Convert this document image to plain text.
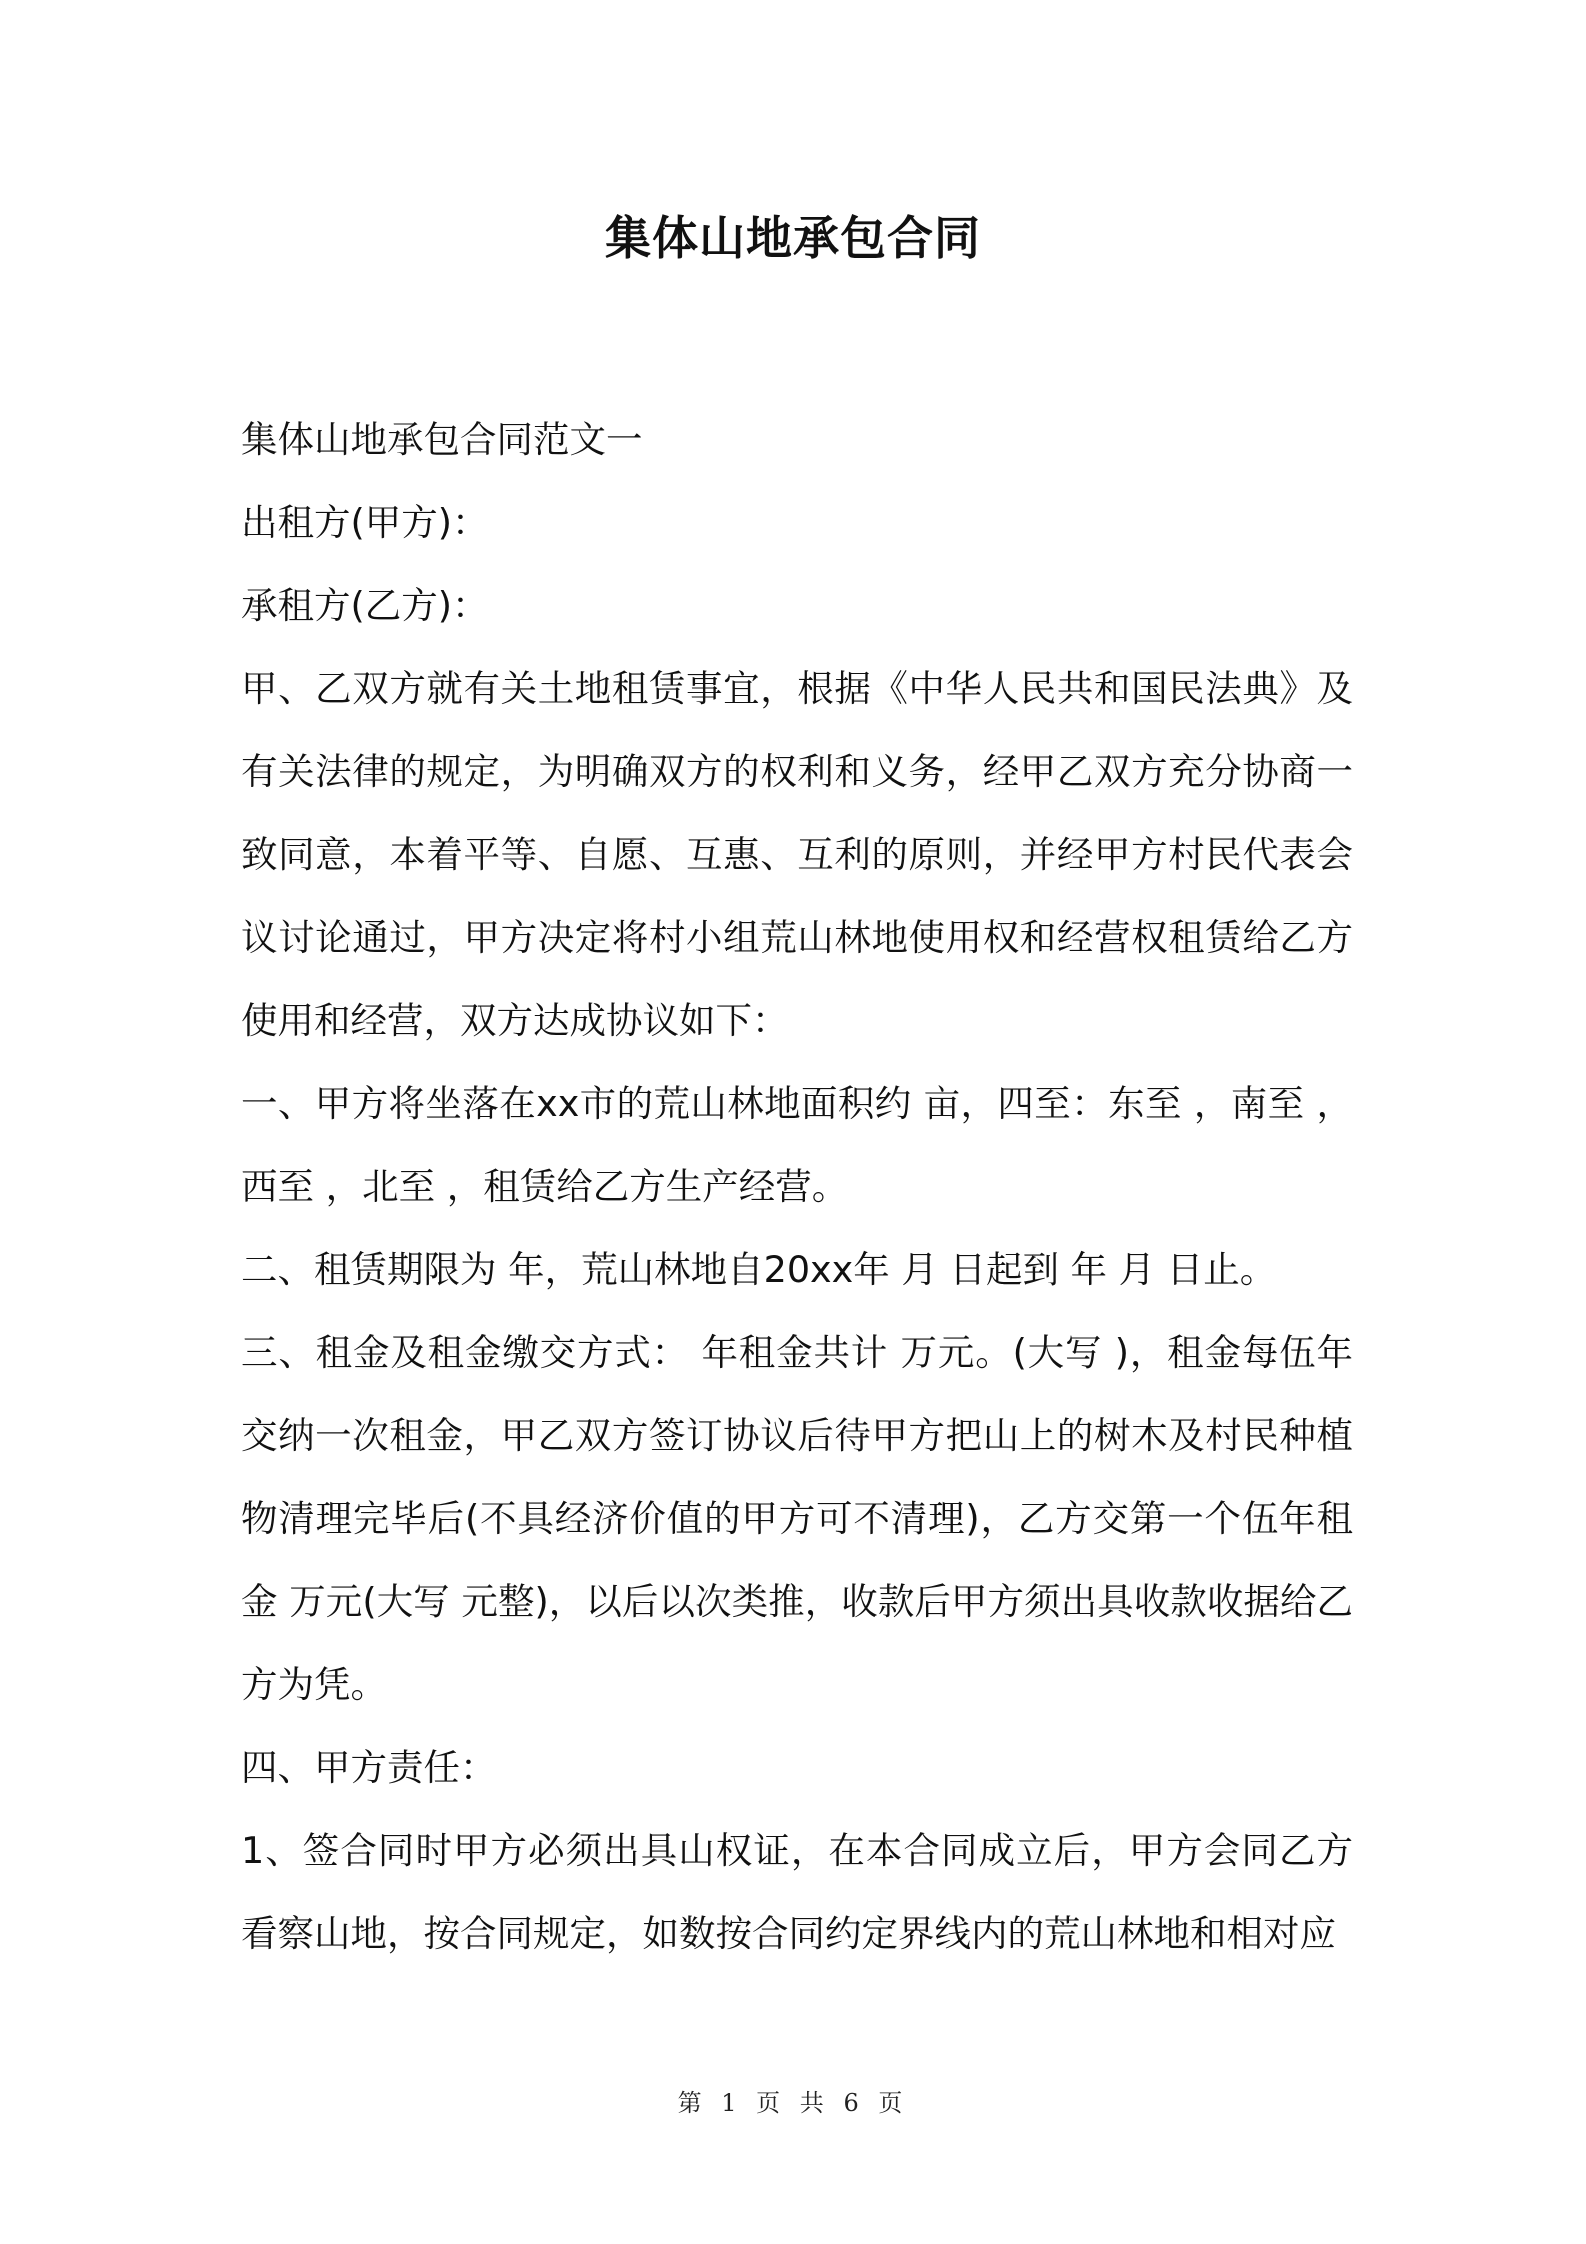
集体山地承包合同

集体山地承包合同范文一

出租方(甲方)：

承租方(乙方)：

甲、乙双方就有关土地租赁事宜，根据《中华人民共和国民法典》及有关法律的规定，为明确双方的权利和义务，经甲乙双方充分协商一致同意，本着平等、自愿、互惠、互利的原则，并经甲方村民代表会议讨论通过，甲方决定将村小组荒山林地使用权和经营权租赁给乙方使用和经营，双方达成协议如下：

一、甲方将坐落在xx市的荒山林地面积约 亩，四至：东至 ，南至 ，西至 ，北至 ，租赁给乙方生产经营。

二、租赁期限为 年，荒山林地自20xx年 月 日起到 年 月 日止。

三、租金及租金缴交方式： 年租金共计 万元。(大写 )，租金每伍年交纳一次租金，甲乙双方签订协议后待甲方把山上的树木及村民种植物清理完毕后(不具经济价值的甲方可不清理)，乙方交第一个伍年租金 万元(大写 元整)，以后以次类推，收款后甲方须出具收款收据给乙方为凭。

四、甲方责任：

1、签合同时甲方必须出具山权证，在本合同成立后，甲方会同乙方看察山地，按合同规定，如数按合同约定界线内的荒山林地和相对应

第 1 页 共 6 页
